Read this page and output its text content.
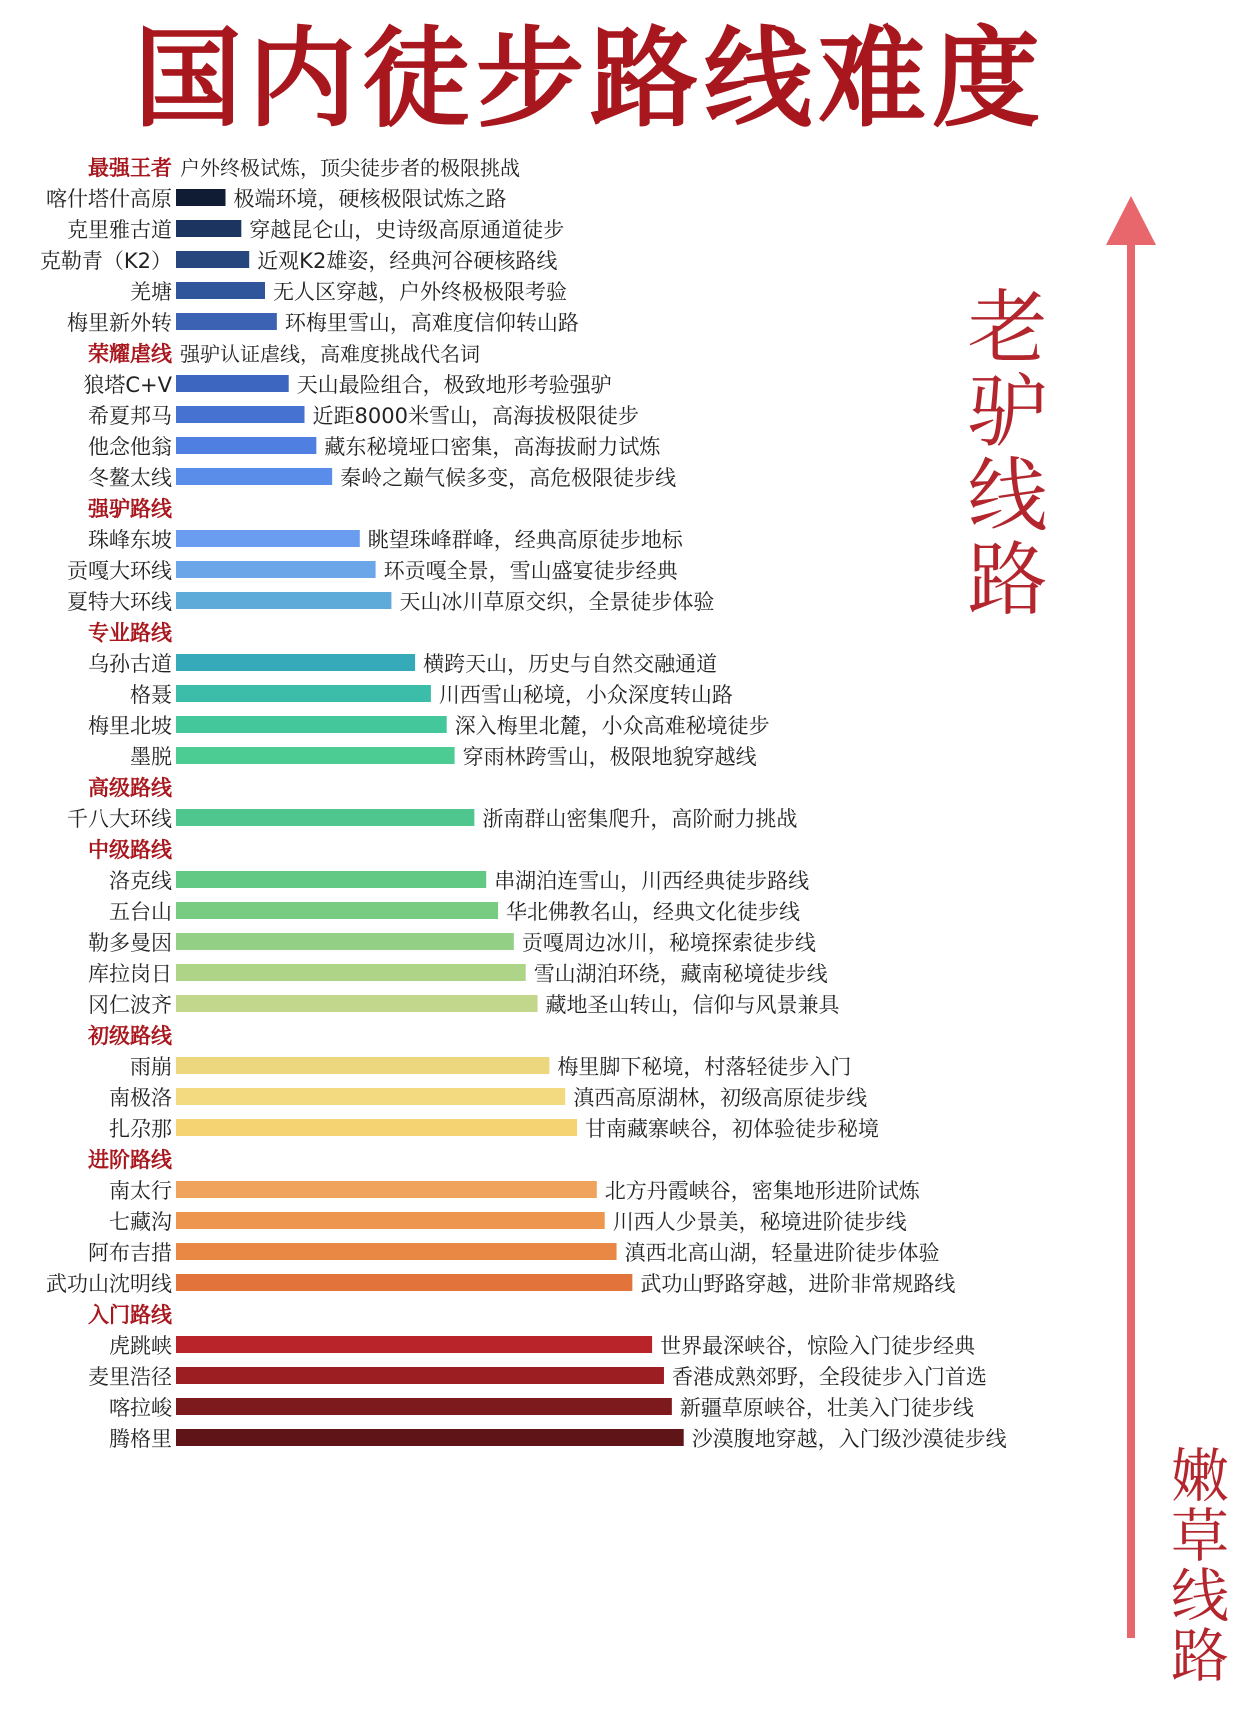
国内徒步路线难度
最强王者 户外终极试炼，顶尖徒步者的极限挑战
喀什塔什高原	极端环境，硬核极限试炼之路
克里雅古道	穿越昆仑山，史诗级高原通道徒步
克勒青（K2）	近观K2雄姿，经典河谷硬核路线
羌塘	无人区穿越，户外终极极限考验
梅里新外转	环梅里雪山，高难度信仰转山路
荣耀虐线 强驴认证虐线，高难度挑战代名词
狼塔C+V	天山最险组合，极致地形考验强驴
希夏邦马	近距8000米雪山，高海拔极限徒步
他念他翁	藏东秘境垭口密集，高海拔耐力试炼
冬鳌太线	秦岭之巅气候多变，高危极限徒步线
强驴路线
珠峰东坡	眺望珠峰群峰，经典高原徒步地标
贡嘎大环线	环贡嘎全景，雪山盛宴徒步经典
夏特大环线	天山冰川草原交织，全景徒步体验
专业路线
乌孙古道	横跨天山，历史与自然交融通道
格聂	川西雪山秘境，小众深度转山路
梅里北坡	深入梅里北麓，小众高难秘境徒步
墨脱	穿雨林跨雪山，极限地貌穿越线
高级路线
千八大环线	浙南群山密集爬升，高阶耐力挑战
中级路线
洛克线	串湖泊连雪山，川西经典徒步路线
五台山	华北佛教名山，经典文化徒步线
勒多曼因	贡嘎周边冰川，秘境探索徒步线
库拉岗日	雪山湖泊环绕，藏南秘境徒步线
冈仁波齐	藏地圣山转山，信仰与风景兼具
初级路线
雨崩	梅里脚下秘境，村落轻徒步入门
南极洛	滇西高原湖林，初级高原徒步线
扎尕那	甘南藏寨峡谷，初体验徒步秘境
进阶路线
南太行	北方丹霞峡谷，密集地形进阶试炼
七藏沟	川西人少景美，秘境进阶徒步线
阿布吉措	滇西北高山湖，轻量进阶徒步体验
武功山沈明线	武功山野路穿越，进阶非常规路线
入门路线
虎跳峡	世界最深峡谷，惊险入门徒步经典
麦里浩径	香港成熟郊野，全段徒步入门首选
喀拉峻	新疆草原峡谷，壮美入门徒步线
腾格里	沙漠腹地穿越，入门级沙漠徒步线
老驴线路
嫩草线路
